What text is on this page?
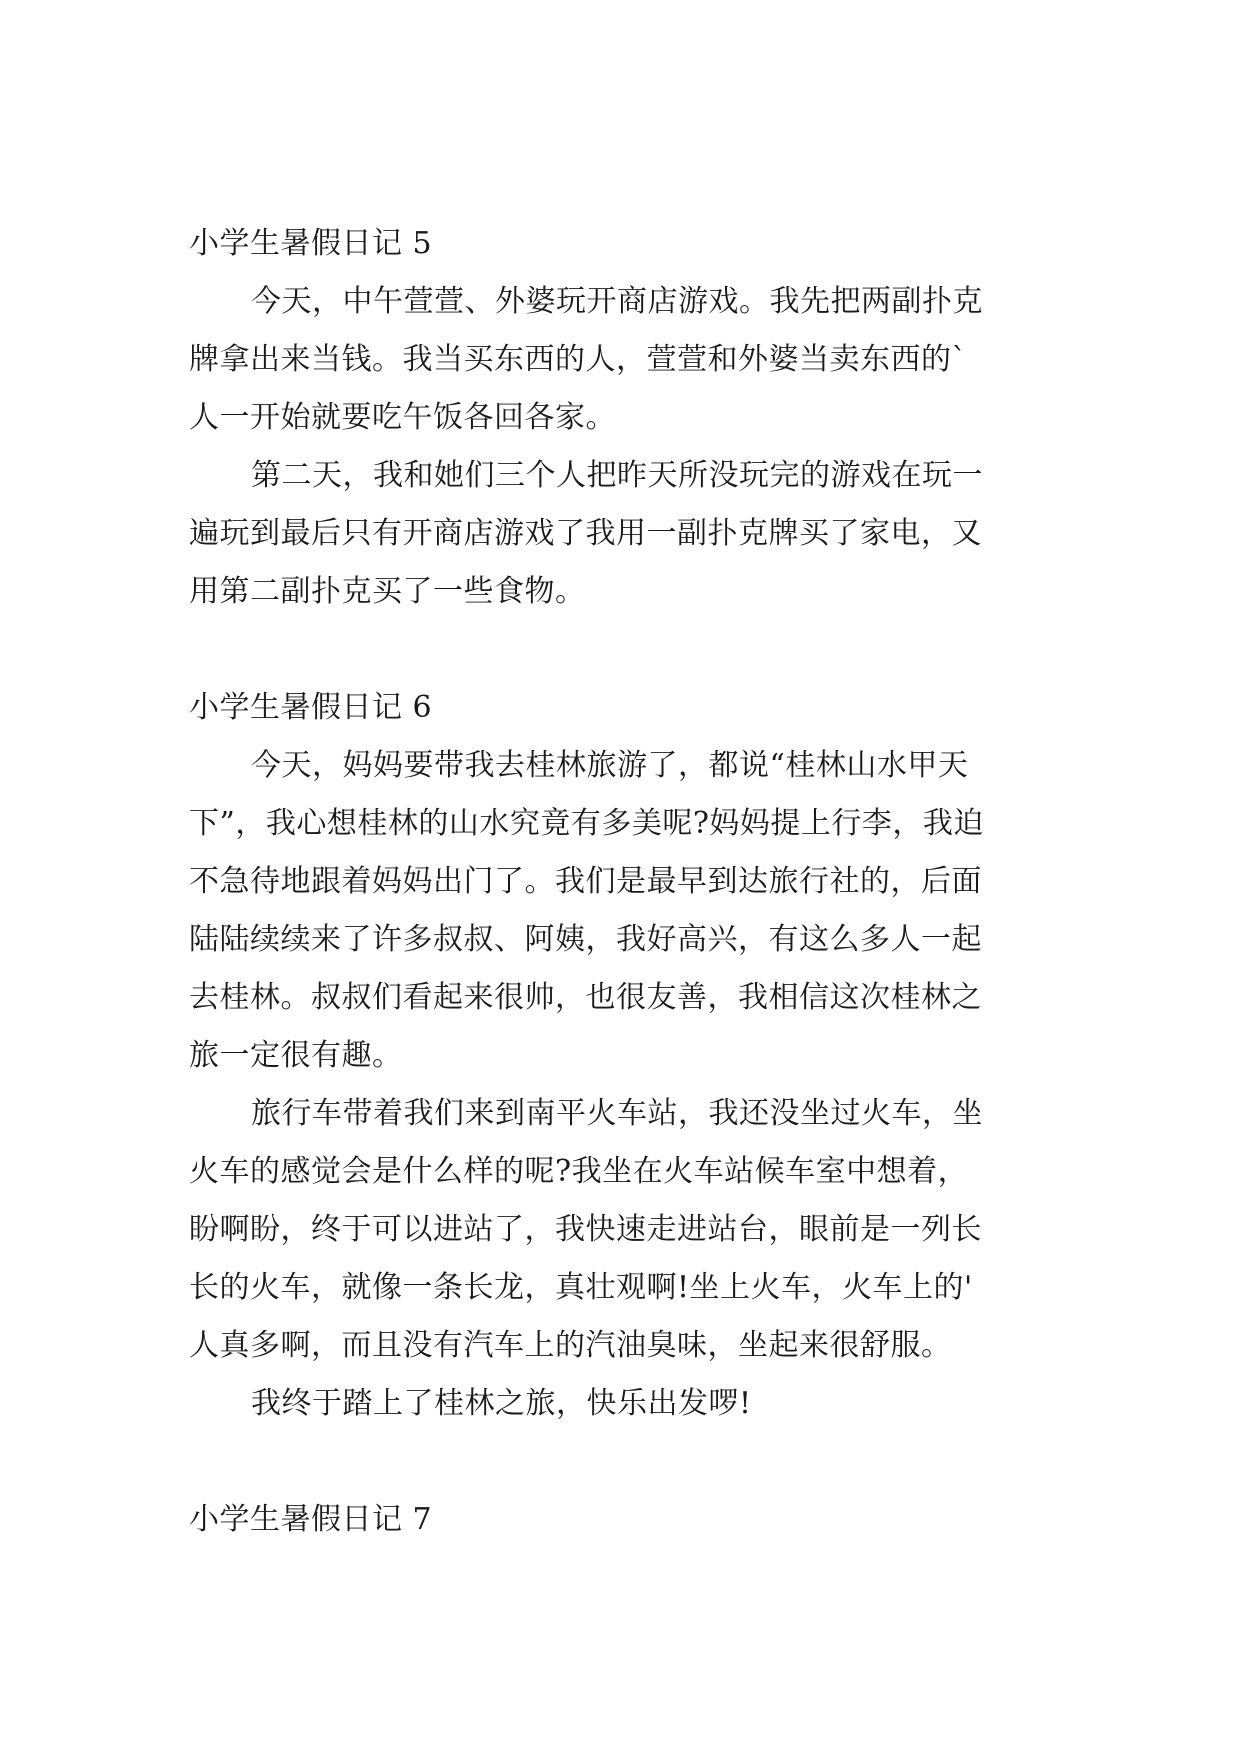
小学生暑假日记 5
今天，中午萱萱、外婆玩开商店游戏。我先把两副扑克
牌拿出来当钱。我当买东西的人，萱萱和外婆当卖东西的`
人一开始就要吃午饭各回各家。
第二天，我和她们三个人把昨天所没玩完的游戏在玩一
遍玩到最后只有开商店游戏了我用一副扑克牌买了家电，又
用第二副扑克买了一些食物。
小学生暑假日记 6
今天，妈妈要带我去桂林旅游了，都说“桂林山水甲天
下”，我心想桂林的山水究竟有多美呢?妈妈提上行李，我迫
不急待地跟着妈妈出门了。我们是最早到达旅行社的，后面
陆陆续续来了许多叔叔、阿姨，我好高兴，有这么多人一起
去桂林。叔叔们看起来很帅，也很友善，我相信这次桂林之
旅一定很有趣。
旅行车带着我们来到南平火车站，我还没坐过火车，坐
火车的感觉会是什么样的呢?我坐在火车站候车室中想着，
盼啊盼，终于可以进站了，我快速走进站台，眼前是一列长
长的火车，就像一条长龙，真壮观啊!坐上火车，火车上的'
人真多啊，而且没有汽车上的汽油臭味，坐起来很舒服。
我终于踏上了桂林之旅，快乐出发啰!
小学生暑假日记 7
